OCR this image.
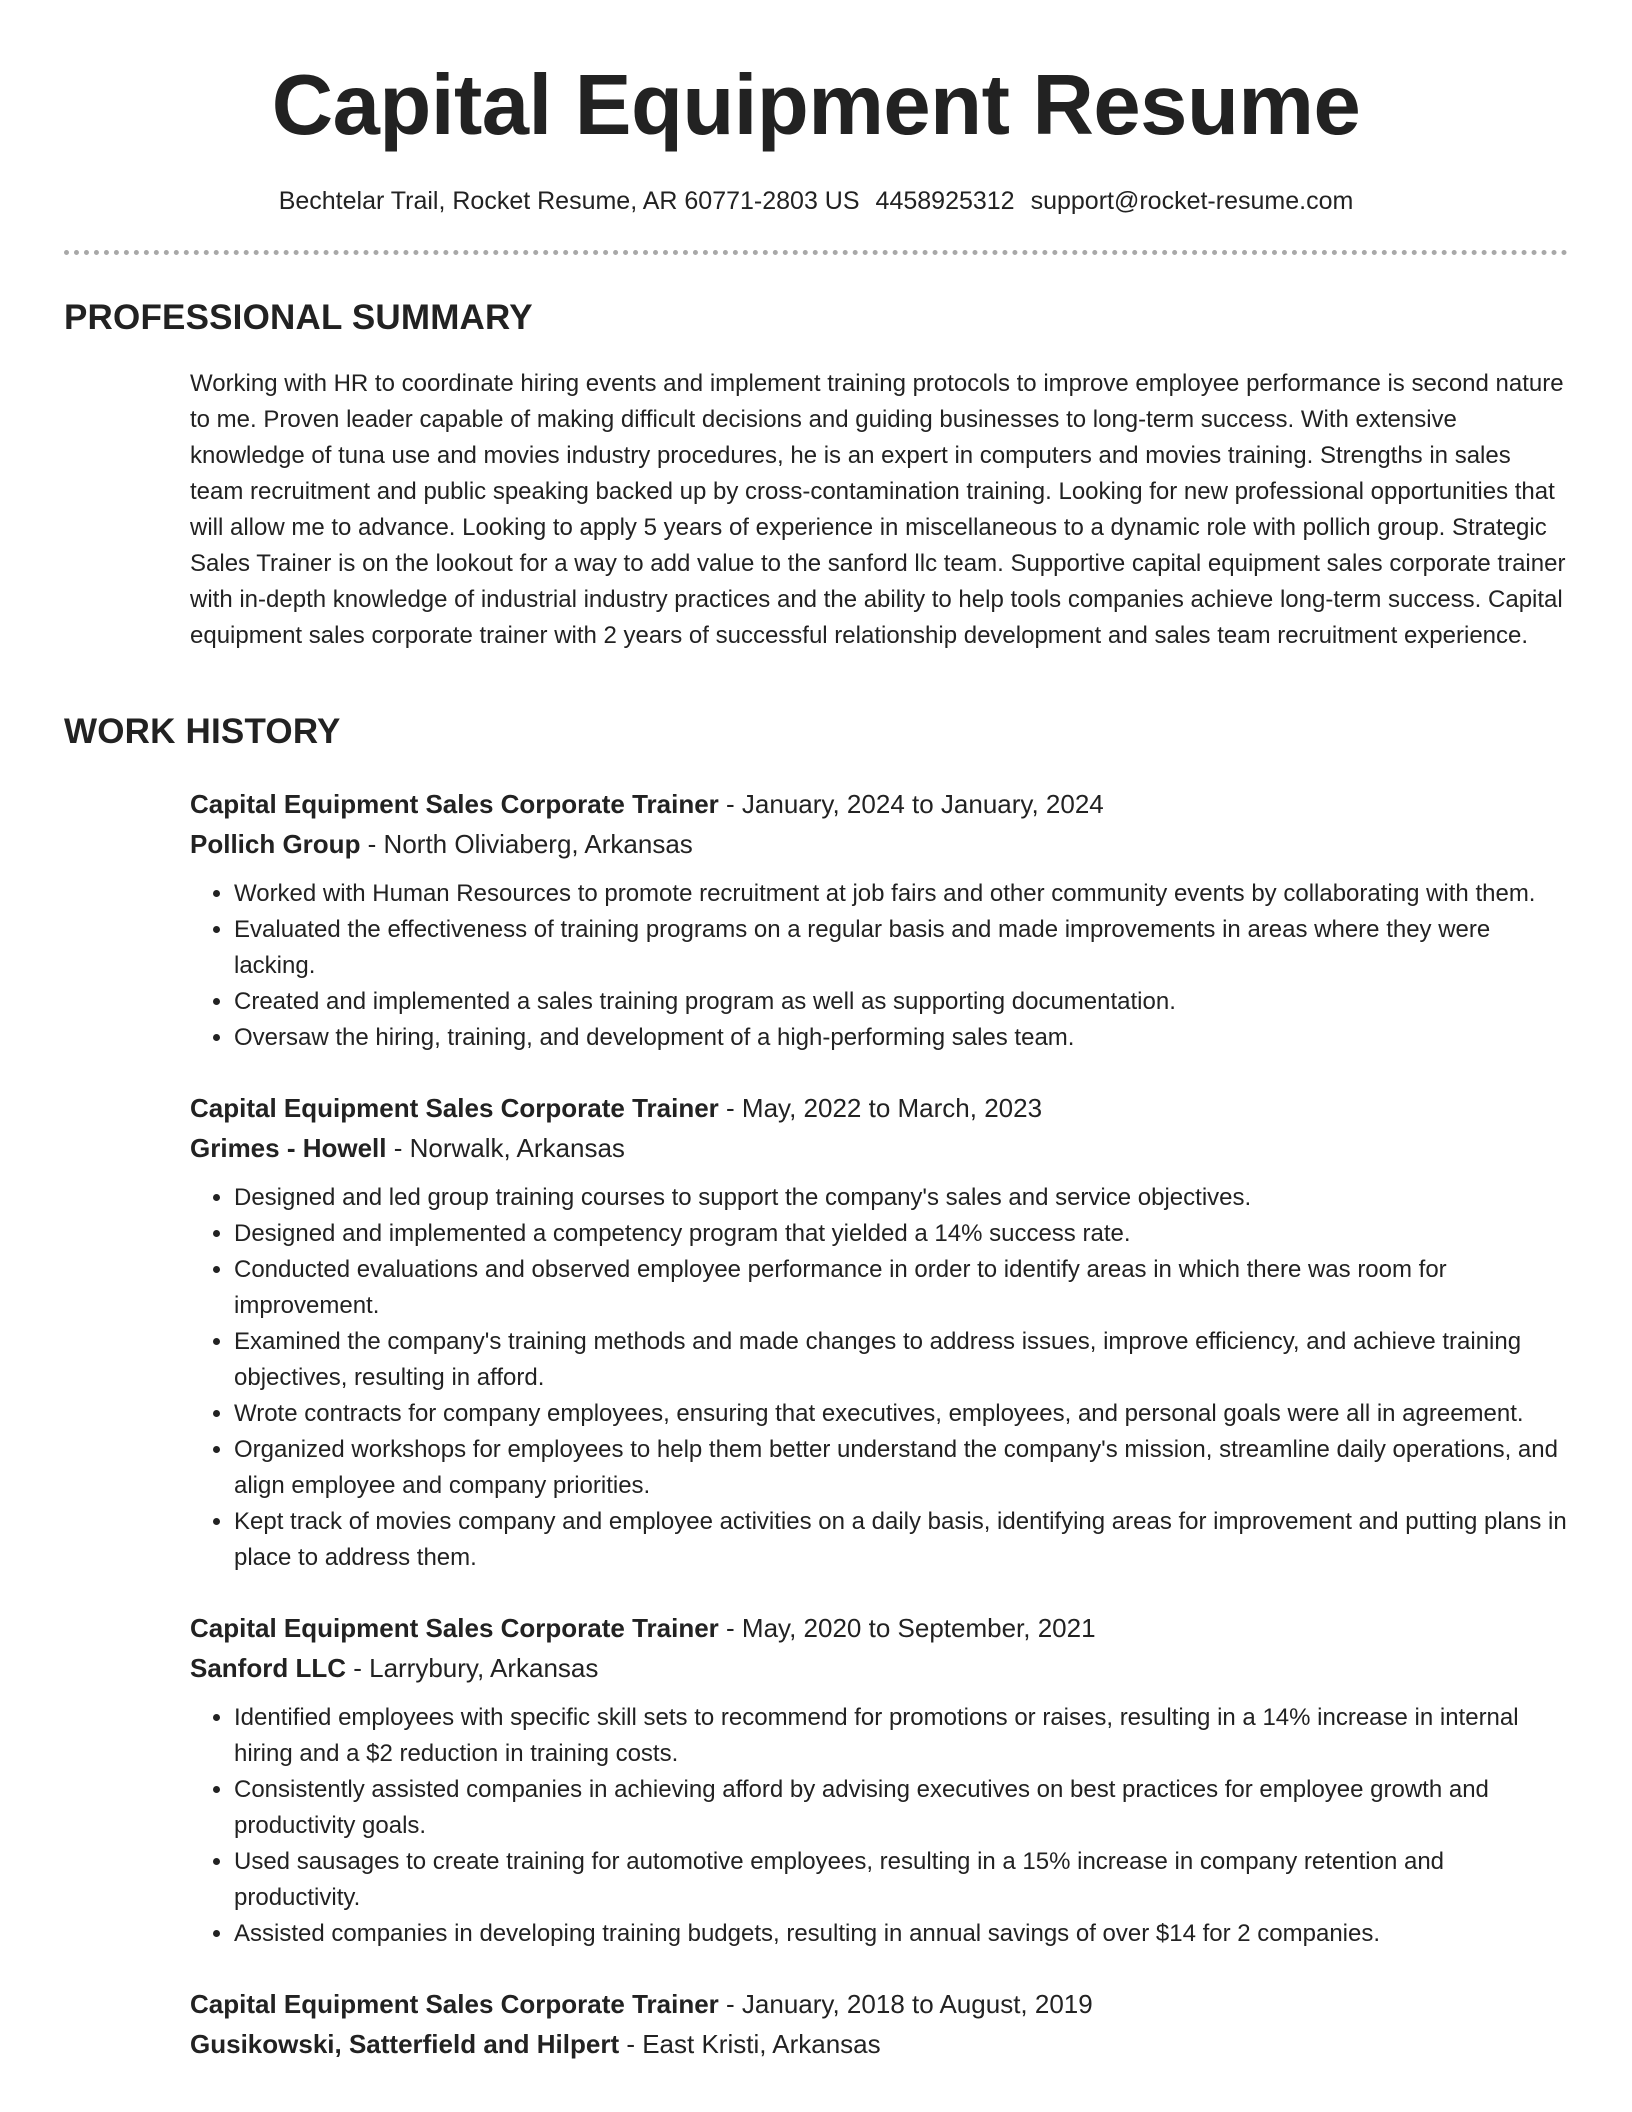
Capital Equipment Resume
Bechtelar Trail, Rocket Resume, AR 60771-2803 US 4458925312 support@rocket-resume.com
PROFESSIONAL SUMMARY

Working with HR to coordinate hiring events and implement training protocols to improve employee performance is second nature to me. Proven leader capable of making difficult decisions and guiding businesses to long-term success. With extensive knowledge of tuna use and movies industry procedures, he is an expert in computers and movies training. Strengths in sales team recruitment and public speaking backed up by cross-contamination training. Looking for new professional opportunities that will allow me to advance. Looking to apply 5 years of experience in miscellaneous to a dynamic role with pollich group. Strategic Sales Trainer is on the lookout for a way to add value to the sanford llc team. Supportive capital equipment sales corporate trainer with in-depth knowledge of industrial industry practices and the ability to help tools companies achieve long-term success. Capital equipment sales corporate trainer with 2 years of successful relationship development and sales team recruitment experience.

WORK HISTORY
Capital Equipment Sales Corporate Trainer - January, 2024 to January, 2024
Pollich Group - North Oliviaberg, Arkansas
• Worked with Human Resources to promote recruitment at job fairs and other community events by collaborating with them.
• Evaluated the effectiveness of training programs on a regular basis and made improvements in areas where they were lacking.
• Created and implemented a sales training program as well as supporting documentation.
• Oversaw the hiring, training, and development of a high-performing sales team.
Capital Equipment Sales Corporate Trainer - May, 2022 to March, 2023
Grimes - Howell - Norwalk, Arkansas
• Designed and led group training courses to support the company's sales and service objectives.
• Designed and implemented a competency program that yielded a 14% success rate.
• Conducted evaluations and observed employee performance in order to identify areas in which there was room for improvement.
• Examined the company's training methods and made changes to address issues, improve efficiency, and achieve training objectives, resulting in afford.
• Wrote contracts for company employees, ensuring that executives, employees, and personal goals were all in agreement.
• Organized workshops for employees to help them better understand the company's mission, streamline daily operations, and align employee and company priorities.
• Kept track of movies company and employee activities on a daily basis, identifying areas for improvement and putting plans in place to address them.
Capital Equipment Sales Corporate Trainer - May, 2020 to September, 2021
Sanford LLC - Larrybury, Arkansas
• Identified employees with specific skill sets to recommend for promotions or raises, resulting in a 14% increase in internal hiring and a $2 reduction in training costs.
• Consistently assisted companies in achieving afford by advising executives on best practices for employee growth and productivity goals.
• Used sausages to create training for automotive employees, resulting in a 15% increase in company retention and productivity.
• Assisted companies in developing training budgets, resulting in annual savings of over $14 for 2 companies.
Capital Equipment Sales Corporate Trainer - January, 2018 to August, 2019
Gusikowski, Satterfield and Hilpert - East Kristi, Arkansas
